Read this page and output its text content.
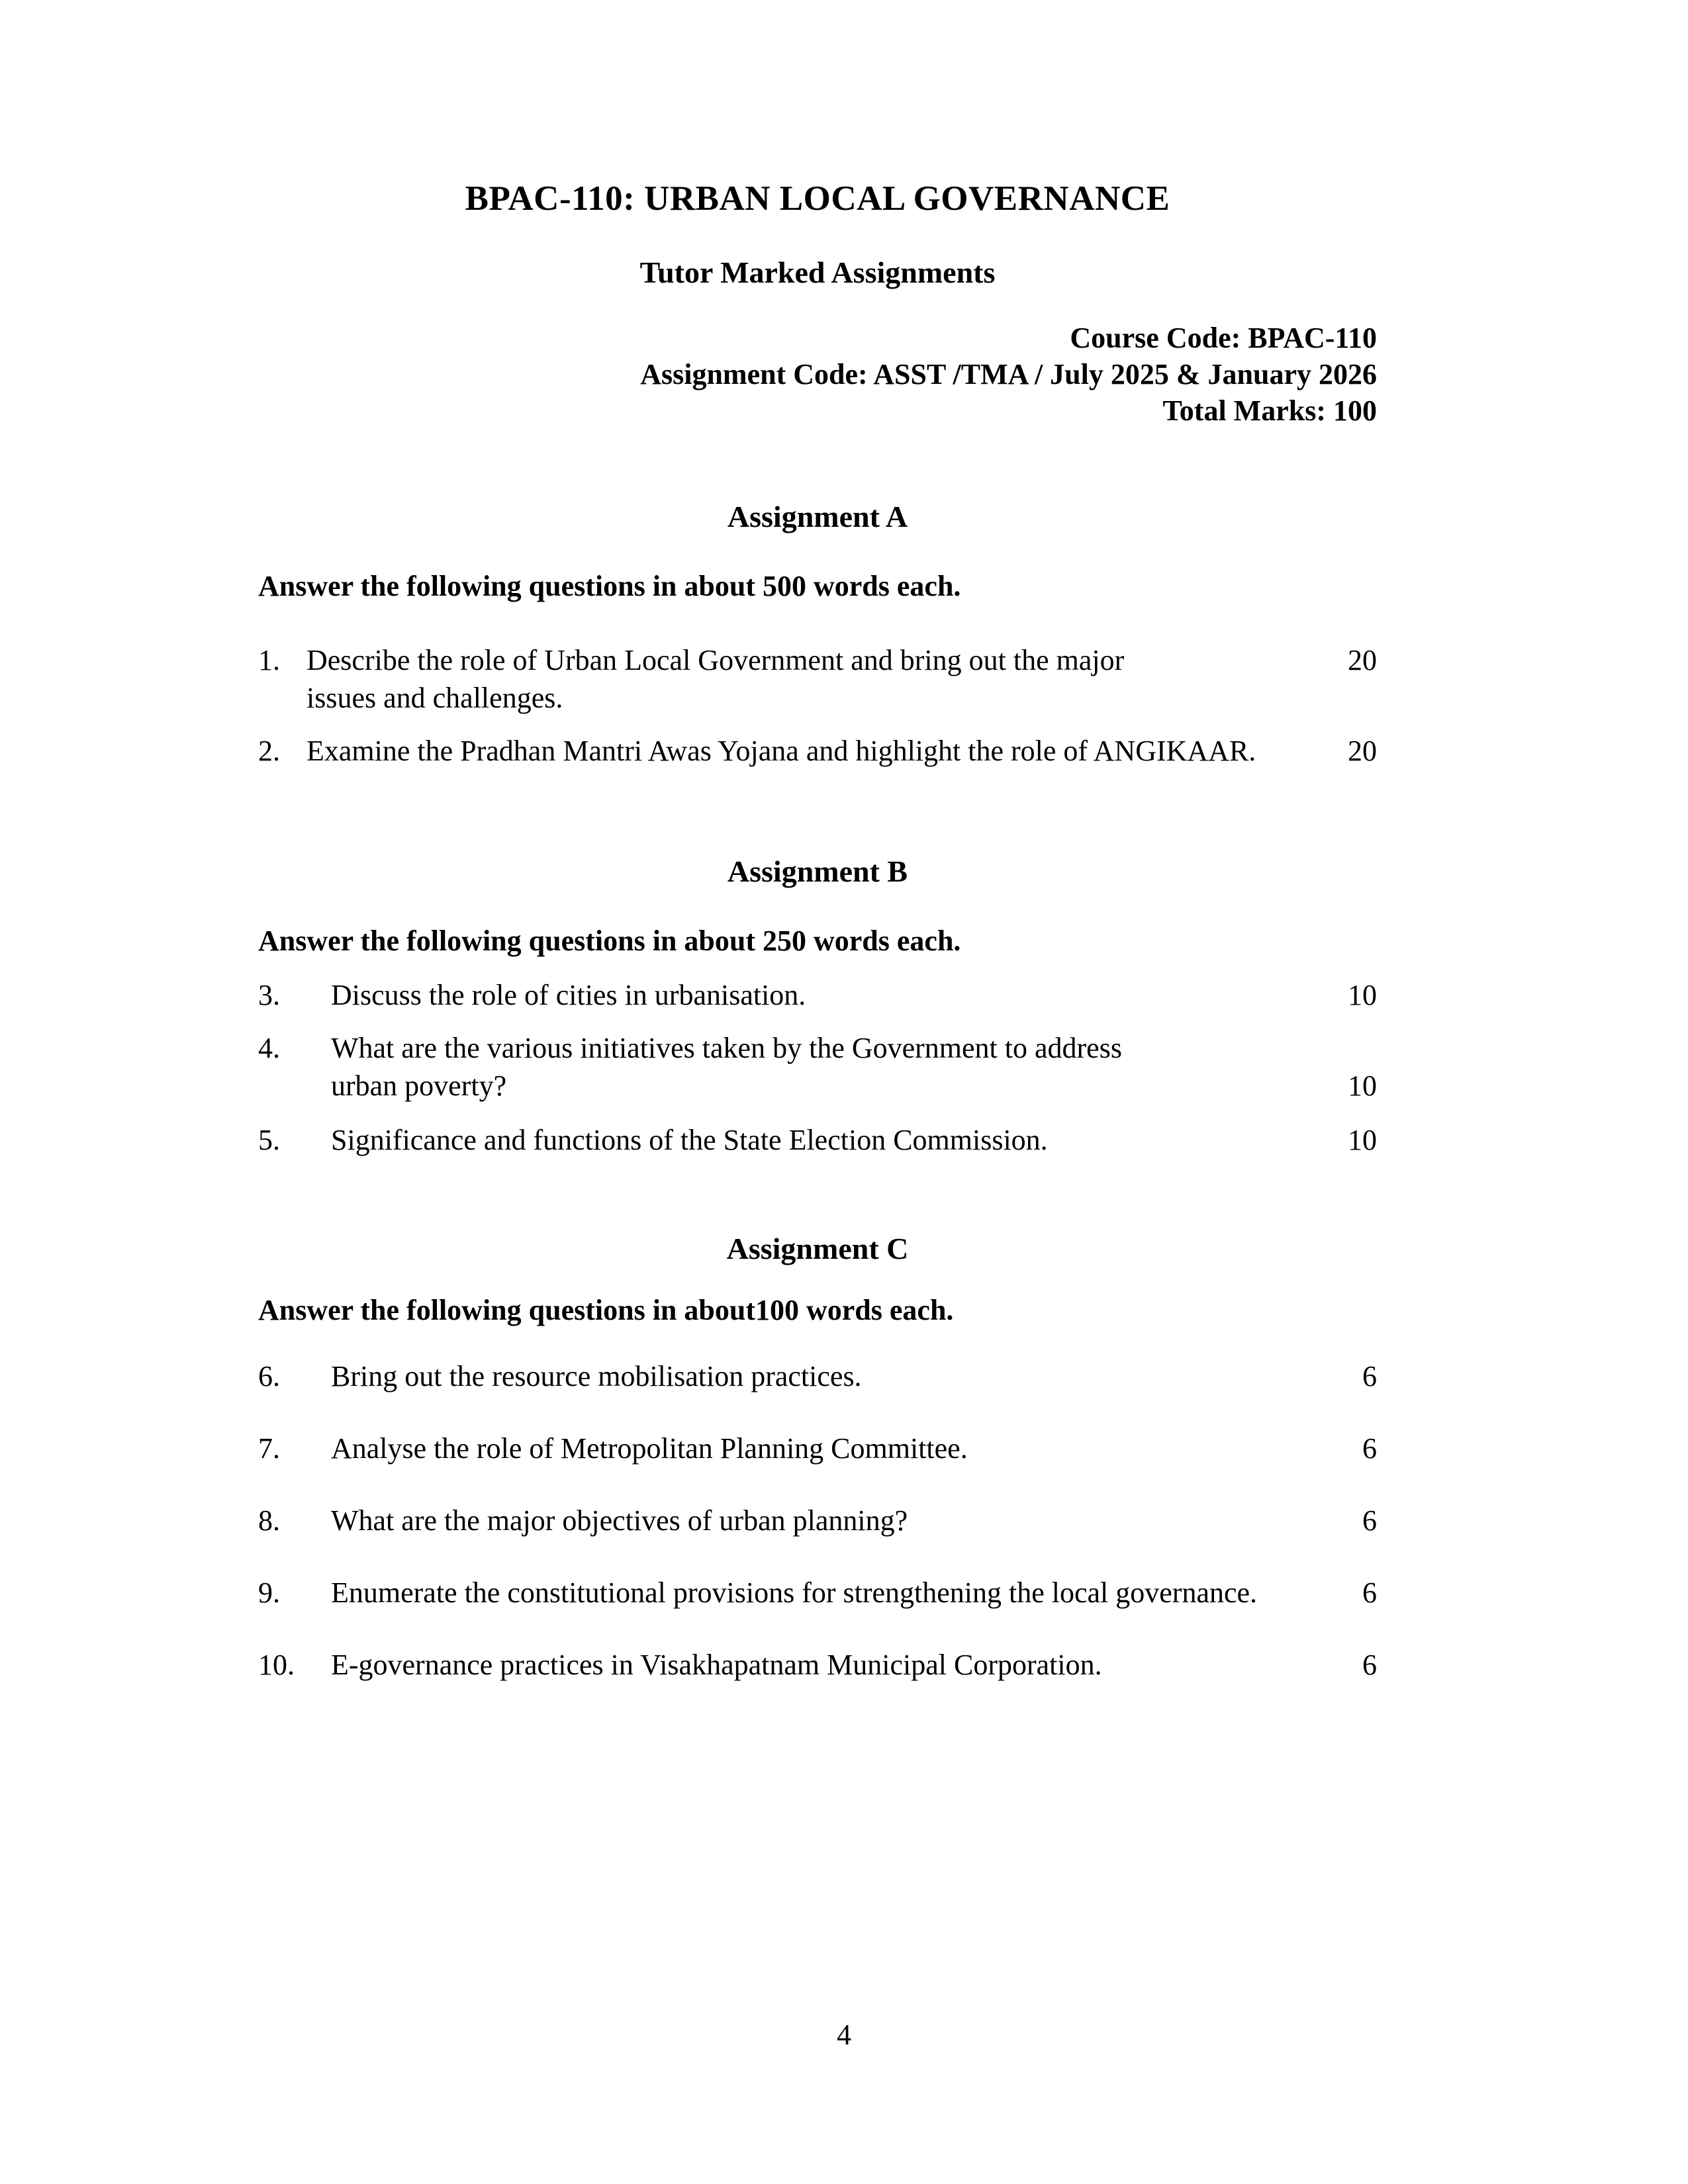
BPAC-110: URBAN LOCAL GOVERNANCE
Tutor Marked Assignments
Course Code: BPAC-110
Assignment Code: ASST /TMA / July 2025 & January 2026
Total Marks: 100
Assignment A
Answer the following questions in about 500 words each.
1. Describe the role of Urban Local Government and bring out the major	20
issues and challenges.
2. Examine the Pradhan Mantri Awas Yojana and highlight the role of ANGIKAAR.	20
Assignment B
Answer the following questions in about 250 words each.
3.	Discuss the role of cities in urbanisation.	10
4.	What are the various initiatives taken by the Government to address
urban poverty?	10
5.	Significance and functions of the State Election Commission.	10
Assignment C
Answer the following questions in about100 words each.
6.	Bring out the resource mobilisation practices.	6
7.	Analyse the role of Metropolitan Planning Committee.	6
8.	What are the major objectives of urban planning?	6
9.	Enumerate the constitutional provisions for strengthening the local governance.	6
10.	E-governance practices in Visakhapatnam Municipal Corporation.	6
4
